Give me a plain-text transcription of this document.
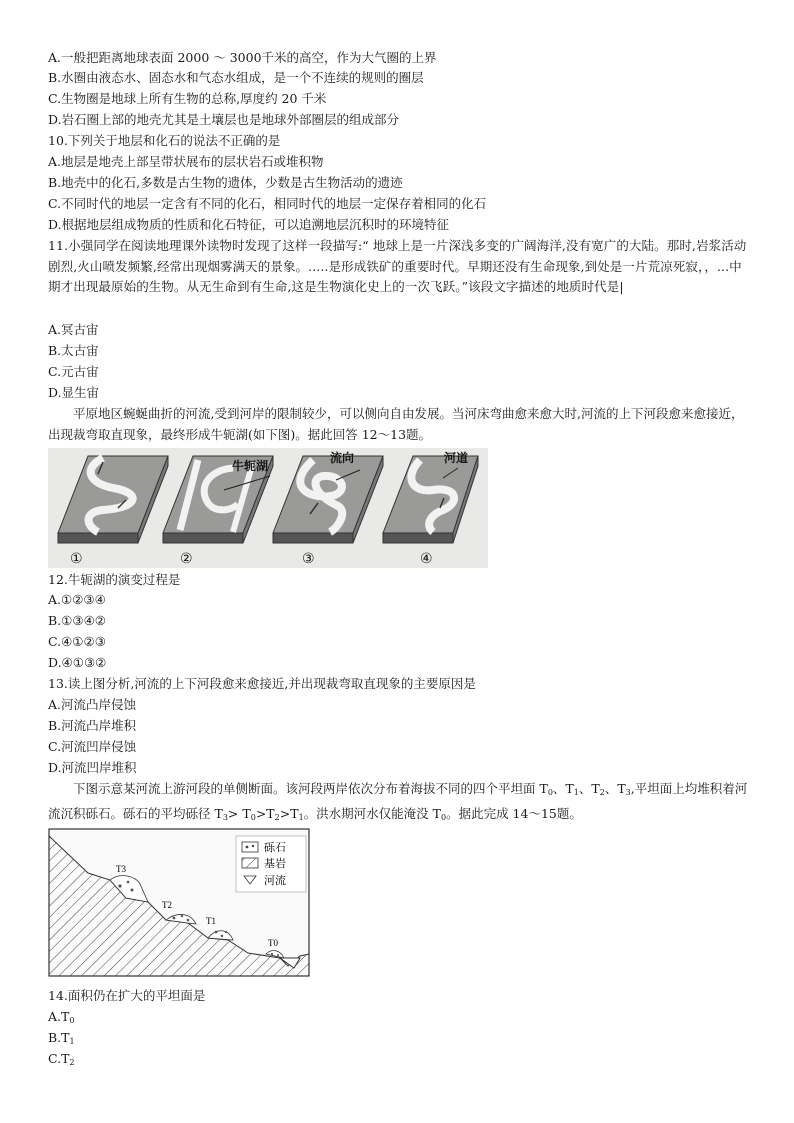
A.一般把距离地球表面 2000 ～ 3000千米的高空，作为大气圈的上界
B.水圈由液态水、固态水和气态水组成，是一个不连续的规则的圈层
C.生物圈是地球上所有生物的总称,厚度约 20 千米
D.岩石圈上部的地壳尤其是土壤层也是地球外部圈层的组成部分
10.下列关于地层和化石的说法不正确的是
A.地层是地壳上部呈带状展布的层状岩石或堆积物
B.地壳中的化石,多数是古生物的遗体，少数是古生物活动的遗迹
C.不同时代的地层一定含有不同的化石，相同时代的地层一定保存着相同的化石
D.根据地层组成物质的性质和化石特征，可以追溯地层沉积时的环境特征
11.小强同学在阅读地理课外读物时发现了这样一段描写:“ 地球上是一片深浅多变的广阔海洋,没有宽广的大陆。那时,岩浆活动剧烈,火山喷发频繁,经常出现烟雾满天的景象。.....是形成铁矿的重要时代。早期还没有生命现象,到处是一片荒凉死寂，，...中期才出现最原始的生物。从无生命到有生命,这是生物演化史上的一次飞跃。”该段文字描述的地质时代是|
A.冥古宙
B.太古宙
C.元古宙
D.显生宙
平原地区蜿蜒曲折的河流,受到河岸的限制较少，可以侧向自由发展。当河床弯曲愈来愈大时,河流的上下河段愈来愈接近，出现裁弯取直现象，最终形成牛轭湖(如下图)。据此回答 12～13题。
牛轭湖
流向	河道
①	②	③	④
12.牛轭湖的演变过程是
A.①②③④
B.①③④②
C.④①②③
D.④①③②
13.读上图分析,河流的上下河段愈来愈接近,并出现裁弯取直现象的主要原因是
A.河流凸岸侵蚀
B.河流凸岸堆积
C.河流凹岸侵蚀
D.河流凹岸堆积
下图示意某河流上游河段的单侧断面。该河段两岸依次分布着海拔不同的四个平坦面 $T_0$、$T_1$、$T_2$、$T_3$,平坦面上均堆积着河流沉积砾石。砾石的平均砾径 $T_3> T_0>T_2>T_1$。洪水期河水仅能淹没 $T_0$。据此完成 14～15题。
T3
T2
T1
T0
砾石
基岩
河流
14.面积仍在扩大的平坦面是
$A.T_0$
$B.T_1$
$C.T_2$
